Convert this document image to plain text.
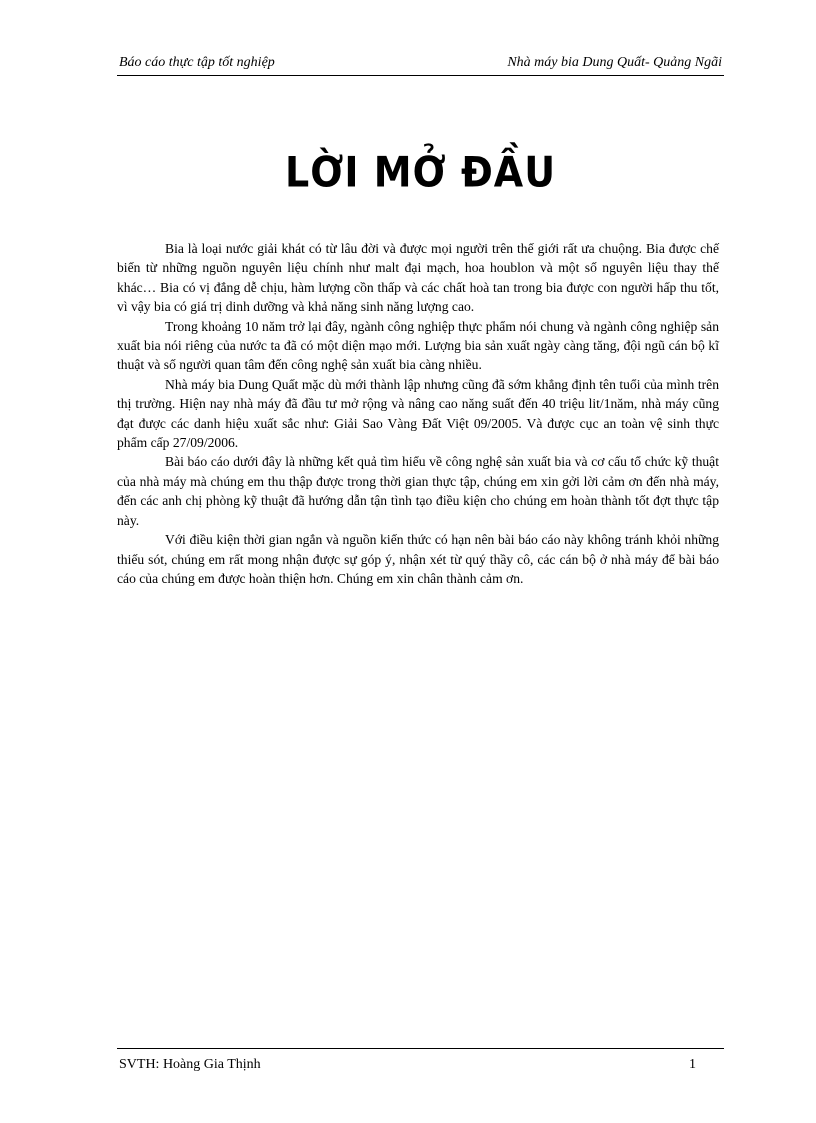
Báo cáo thực tập tốt nghiệp	Nhà máy bia Dung Quất- Quảng Ngãi
LỜI MỞ ĐẦU

Bia là loại nước giải khát có từ lâu đời và được mọi người trên thế giới rất ưa chuộng. Bia được chế biến từ những nguồn nguyên liệu chính như malt đại mạch, hoa houblon và một số nguyên liệu thay thế khác… Bia có vị đắng dễ chịu, hàm lượng cồn thấp và các chất hoà tan trong bia được con người hấp thu tốt, vì vậy bia có giá trị dinh dưỡng và khả năng sinh năng lượng cao.

Trong khoảng 10 năm trở lại đây, ngành công nghiệp thực phẩm nói chung và ngành công nghiệp sản xuất bia nói riêng của nước ta đã có một diện mạo mới. Lượng bia sản xuất ngày càng tăng, đội ngũ cán bộ kĩ thuật và số người quan tâm đến công nghệ sản xuất bia càng nhiều.

Nhà máy bia Dung Quất mặc dù mới thành lập nhưng cũng đã sớm khẳng định tên tuổi của mình trên thị trường. Hiện nay nhà máy đã đầu tư mở rộng và nâng cao năng suất đến 40 triệu lit/1năm, nhà máy cũng đạt được các danh hiệu xuất sắc như: Giải Sao Vàng Đất Việt 09/2005. Và được cục an toàn vệ sinh thực phẩm cấp 27/09/2006.

Bài báo cáo dưới đây là những kết quả tìm hiểu về công nghệ sản xuất bia và cơ cấu tổ chức kỹ thuật của nhà máy mà chúng em thu thập được trong thời gian thực tập, chúng em xin gởi lời cảm ơn đến nhà máy, đến các anh chị phòng kỹ thuật đã hướng dẫn tận tình tạo điều kiện cho chúng em hoàn thành tốt đợt thực tập này.

Với điều kiện thời gian ngắn và nguồn kiến thức có hạn nên bài báo cáo này không tránh khỏi những thiếu sót, chúng em rất mong nhận được sự góp ý, nhận xét từ quý thầy cô, các cán bộ ở nhà máy để bài báo cáo của chúng em được hoàn thiện hơn. Chúng em xin chân thành cảm ơn.

SVTH: Hoàng Gia Thịnh	1
